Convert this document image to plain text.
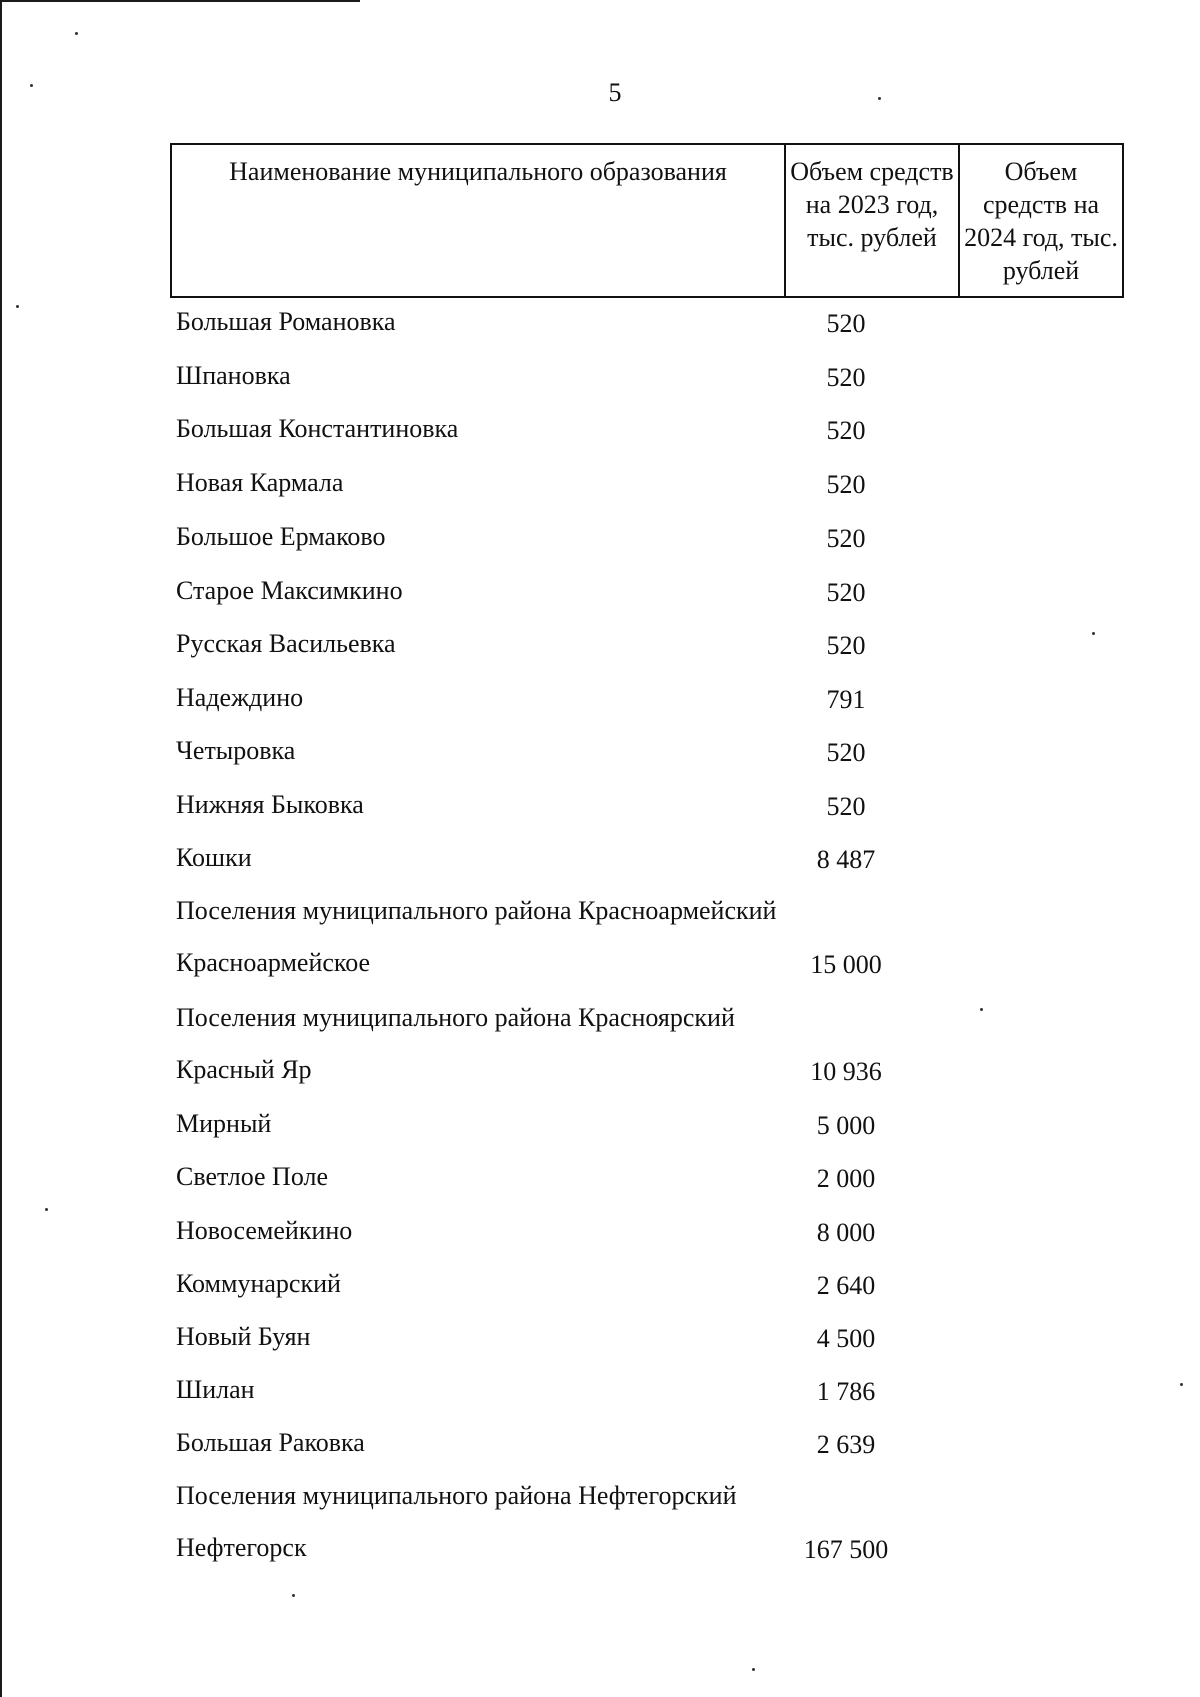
5
Наименование муниципального образования	Объем средств на 2023 год, тыс. рублей	Объем средств на 2024 год, тыс. рублей
Большая Романовка	520
Шпановка	520
Большая Константиновка	520
Новая Кармала	520
Большое Ермаково	520
Старое Максимкино	520
Русская Васильевка	520
Надеждино	791
Четыровка	520
Нижняя Быковка	520
Кошки	8 487
Поселения муниципального района Красноармейский
Красноармейское	15 000
Поселения муниципального района Красноярский
Красный Яр	10 936
Мирный	5 000
Светлое Поле	2 000
Новосемейкино	8 000
Коммунарский	2 640
Новый Буян	4 500
Шилан	1 786
Большая Раковка	2 639
Поселения муниципального района Нефтегорский
Нефтегорск	167 500
